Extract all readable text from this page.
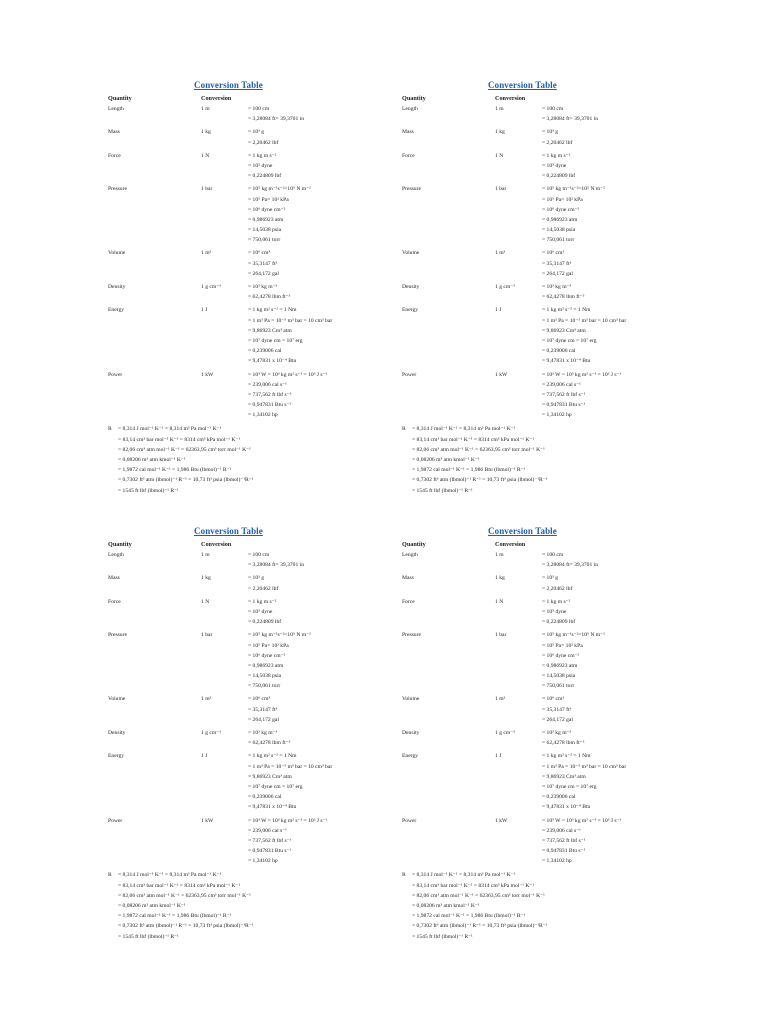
Conversion Table
Quantity	Conversion
Length	1 m	= 100 cm
= 3,28084 ft= 39,3701 in
Mass	1 kg	= 10³ g
= 2,20462 lbf
Force	1 N	= 1 kg m s⁻²
= 10⁵ dyne
= 0,224809 lbf
Pressure	1 bar	= 10⁵ kg m⁻¹s⁻²=10⁵ N m⁻²
= 10⁵ Pa= 10² kPa
= 10⁶ dyne cm⁻²
= 0,986923 atm
= 14,5038 psia
= 750,061 torr
Volume	1 m³	= 10⁶ cm³
= 35,3147 ft³
= 264,172 gal
Density	1 g cm⁻³	= 10³ kg m⁻³
= 62,4278 lbm ft⁻³
Energy	1 J	= 1 kg m² s⁻² = 1 Nm
= 1 m³ Pa = 10⁻⁵ m³ bar = 10 cm³ bar
= 9,86923 Cm³ atm
= 10⁷ dyne cm = 10⁷ erg
= 0,239006 cal
= 9,47831 x 10⁻⁴ Btu
Power	1 kW	= 10³ W = 10³ kg m² s⁻³ = 10³ J s⁻¹
= 239,006 cal s⁻¹
= 737,562 ft lbf s⁻¹
= 0,947831 Btu s⁻¹
= 1,34102 hp
R = 8,314 J mol⁻¹ K⁻¹ = 8,314 m³ Pa mol⁻¹ K⁻¹
= 83,14 cm³ bar mol⁻¹ K⁻¹ = 8314 cm³ kPa mol⁻¹ K⁻¹
= 82,06 cm³ atm mol⁻¹ K⁻¹ = 62363,95 cm³ torr mol⁻¹ K⁻¹
= 0,08206 m³ atm kmol⁻¹ K⁻¹
= 1,9872 cal mol⁻¹ K⁻¹ = 1,986 Btu (lbmol)⁻¹ R⁻¹
= 0,7302 ft³ atm (lbmol)⁻¹ R⁻¹ = 10,73 ft³ psia (lbmol)⁻¹R⁻¹
= 1545 ft lbf (lbmol)⁻¹ R⁻¹
Conversion Table
Quantity	Conversion
Length	1 m	= 100 cm
= 3,28084 ft= 39,3701 in
Mass	1 kg	= 10³ g
= 2,20462 lbf
Force	1 N	= 1 kg m s⁻²
= 10⁵ dyne
= 0,224809 lbf
Pressure	1 bar	= 10⁵ kg m⁻¹s⁻²=10⁵ N m⁻²
= 10⁵ Pa= 10² kPa
= 10⁶ dyne cm⁻²
= 0,986923 atm
= 14,5038 psia
= 750,061 torr
Volume	1 m³	= 10⁶ cm³
= 35,3147 ft³
= 264,172 gal
Density	1 g cm⁻³	= 10³ kg m⁻³
= 62,4278 lbm ft⁻³
Energy	1 J	= 1 kg m² s⁻² = 1 Nm
= 1 m³ Pa = 10⁻⁵ m³ bar = 10 cm³ bar
= 9,86923 Cm³ atm
= 10⁷ dyne cm = 10⁷ erg
= 0,239006 cal
= 9,47831 x 10⁻⁴ Btu
Power	1 kW	= 10³ W = 10³ kg m² s⁻³ = 10³ J s⁻¹
= 239,006 cal s⁻¹
= 737,562 ft lbf s⁻¹
= 0,947831 Btu s⁻¹
= 1,34102 hp
R = 8,314 J mol⁻¹ K⁻¹ = 8,314 m³ Pa mol⁻¹ K⁻¹
= 83,14 cm³ bar mol⁻¹ K⁻¹ = 8314 cm³ kPa mol⁻¹ K⁻¹
= 82,06 cm³ atm mol⁻¹ K⁻¹ = 62363,95 cm³ torr mol⁻¹ K⁻¹
= 0,08206 m³ atm kmol⁻¹ K⁻¹
= 1,9872 cal mol⁻¹ K⁻¹ = 1,986 Btu (lbmol)⁻¹ R⁻¹
= 0,7302 ft³ atm (lbmol)⁻¹ R⁻¹ = 10,73 ft³ psia (lbmol)⁻¹R⁻¹
= 1545 ft lbf (lbmol)⁻¹ R⁻¹
Conversion Table
Quantity	Conversion
Length	1 m	= 100 cm
= 3,28084 ft= 39,3701 in
Mass	1 kg	= 10³ g
= 2,20462 lbf
Force	1 N	= 1 kg m s⁻²
= 10⁵ dyne
= 0,224809 lbf
Pressure	1 bar	= 10⁵ kg m⁻¹s⁻²=10⁵ N m⁻²
= 10⁵ Pa= 10² kPa
= 10⁶ dyne cm⁻²
= 0,986923 atm
= 14,5038 psia
= 750,061 torr
Volume	1 m³	= 10⁶ cm³
= 35,3147 ft³
= 264,172 gal
Density	1 g cm⁻³	= 10³ kg m⁻³
= 62,4278 lbm ft⁻³
Energy	1 J	= 1 kg m² s⁻² = 1 Nm
= 1 m³ Pa = 10⁻⁵ m³ bar = 10 cm³ bar
= 9,86923 Cm³ atm
= 10⁷ dyne cm = 10⁷ erg
= 0,239006 cal
= 9,47831 x 10⁻⁴ Btu
Power	1 kW	= 10³ W = 10³ kg m² s⁻³ = 10³ J s⁻¹
= 239,006 cal s⁻¹
= 737,562 ft lbf s⁻¹
= 0,947831 Btu s⁻¹
= 1,34102 hp
R = 8,314 J mol⁻¹ K⁻¹ = 8,314 m³ Pa mol⁻¹ K⁻¹
= 83,14 cm³ bar mol⁻¹ K⁻¹ = 8314 cm³ kPa mol⁻¹ K⁻¹
= 82,06 cm³ atm mol⁻¹ K⁻¹ = 62363,95 cm³ torr mol⁻¹ K⁻¹
= 0,08206 m³ atm kmol⁻¹ K⁻¹
= 1,9872 cal mol⁻¹ K⁻¹ = 1,986 Btu (lbmol)⁻¹ R⁻¹
= 0,7302 ft³ atm (lbmol)⁻¹ R⁻¹ = 10,73 ft³ psia (lbmol)⁻¹R⁻¹
= 1545 ft lbf (lbmol)⁻¹ R⁻¹
Conversion Table
Quantity	Conversion
Length	1 m	= 100 cm
= 3,28084 ft= 39,3701 in
Mass	1 kg	= 10³ g
= 2,20462 lbf
Force	1 N	= 1 kg m s⁻²
= 10⁵ dyne
= 0,224809 lbf
Pressure	1 bar	= 10⁵ kg m⁻¹s⁻²=10⁵ N m⁻²
= 10⁵ Pa= 10² kPa
= 10⁶ dyne cm⁻²
= 0,986923 atm
= 14,5038 psia
= 750,061 torr
Volume	1 m³	= 10⁶ cm³
= 35,3147 ft³
= 264,172 gal
Density	1 g cm⁻³	= 10³ kg m⁻³
= 62,4278 lbm ft⁻³
Energy	1 J	= 1 kg m² s⁻² = 1 Nm
= 1 m³ Pa = 10⁻⁵ m³ bar = 10 cm³ bar
= 9,86923 Cm³ atm
= 10⁷ dyne cm = 10⁷ erg
= 0,239006 cal
= 9,47831 x 10⁻⁴ Btu
Power	1 kW	= 10³ W = 10³ kg m² s⁻³ = 10³ J s⁻¹
= 239,006 cal s⁻¹
= 737,562 ft lbf s⁻¹
= 0,947831 Btu s⁻¹
= 1,34102 hp
R = 8,314 J mol⁻¹ K⁻¹ = 8,314 m³ Pa mol⁻¹ K⁻¹
= 83,14 cm³ bar mol⁻¹ K⁻¹ = 8314 cm³ kPa mol⁻¹ K⁻¹
= 82,06 cm³ atm mol⁻¹ K⁻¹ = 62363,95 cm³ torr mol⁻¹ K⁻¹
= 0,08206 m³ atm kmol⁻¹ K⁻¹
= 1,9872 cal mol⁻¹ K⁻¹ = 1,986 Btu (lbmol)⁻¹ R⁻¹
= 0,7302 ft³ atm (lbmol)⁻¹ R⁻¹ = 10,73 ft³ psia (lbmol)⁻¹R⁻¹
= 1545 ft lbf (lbmol)⁻¹ R⁻¹
